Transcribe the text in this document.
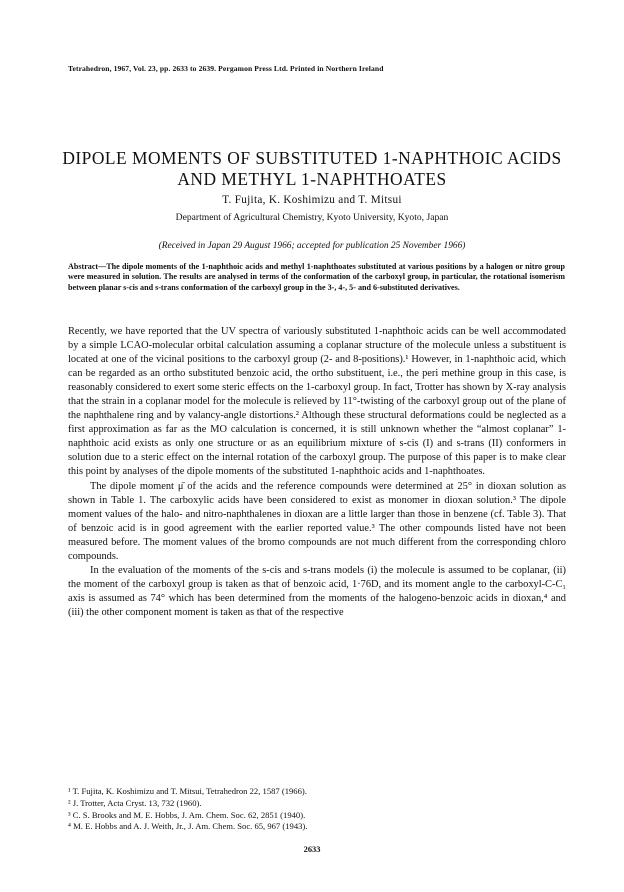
Tetrahedron, 1967, Vol. 23, pp. 2633 to 2639. Pergamon Press Ltd. Printed in Northern Ireland
DIPOLE MOMENTS OF SUBSTITUTED 1-NAPHTHOIC ACIDS AND METHYL 1-NAPHTHOATES
T. Fujita, K. Koshimizu and T. Mitsui
Department of Agricultural Chemistry, Kyoto University, Kyoto, Japan
(Received in Japan 29 August 1966; accepted for publication 25 November 1966)
Abstract—The dipole moments of the 1-naphthoic acids and methyl 1-naphthoates substituted at various positions by a halogen or nitro group were measured in solution. The results are analysed in terms of the conformation of the carboxyl group, in particular, the rotational isomerism between planar s-cis and s-trans conformation of the carboxyl group in the 3-, 4-, 5- and 6-substituted derivatives.

Recently, we have reported that the UV spectra of variously substituted 1-naphthoic acids can be well accommodated by a simple LCAO-molecular orbital calculation assuming a coplanar structure of the molecule unless a substituent is located at one of the vicinal positions to the carboxyl group (2- and 8-positions).¹ However, in 1-naphthoic acid, which can be regarded as an ortho substituted benzoic acid, the ortho substituent, i.e., the peri methine group in this case, is reasonably considered to exert some steric effects on the 1-carboxyl group. In fact, Trotter has shown by X-ray analysis that the strain in a coplanar model for the molecule is relieved by 11°-twisting of the carboxyl group out of the plane of the naphthalene ring and by valancy-angle distortions.² Although these structural deformations could be neglected as a first approximation as far as the MO calculation is concerned, it is still unknown whether the “almost coplanar” 1-naphthoic acid exists as only one structure or as an equilibrium mixture of s-cis (I) and s-trans (II) conformers in solution due to a steric effect on the internal rotation of the carboxyl group. The purpose of this paper is to make clear this point by analyses of the dipole moments of the substituted 1-naphthoic acids and 1-naphthoates.

The dipole moment μ̄ of the acids and the reference compounds were determined at 25° in dioxan solution as shown in Table 1. The carboxylic acids have been considered to exist as monomer in dioxan solution.³ The dipole moment values of the halo- and nitro-naphthalenes in dioxan are a little larger than those in benzene (cf. Table 3). That of benzoic acid is in good agreement with the earlier reported value.³ The other compounds listed have not been measured before. The moment values of the bromo compounds are not much different from the corresponding chloro compounds.

In the evaluation of the moments of the s-cis and s-trans models (i) the molecule is assumed to be coplanar, (ii) the moment of the carboxyl group is taken as that of benzoic acid, 1·76D, and its moment angle to the carboxyl-C-C₁ axis is assumed as 74° which has been determined from the moments of the halogeno-benzoic acids in dioxan,⁴ and (iii) the other component moment is taken as that of the respective

¹ T. Fujita, K. Koshimizu and T. Mitsui, Tetrahedron 22, 1587 (1966).
² J. Trotter, Acta Cryst. 13, 732 (1960).
³ C. S. Brooks and M. E. Hobbs, J. Am. Chem. Soc. 62, 2851 (1940).
⁴ M. E. Hobbs and A. J. Weith, Jr., J. Am. Chem. Soc. 65, 967 (1943).
2633
